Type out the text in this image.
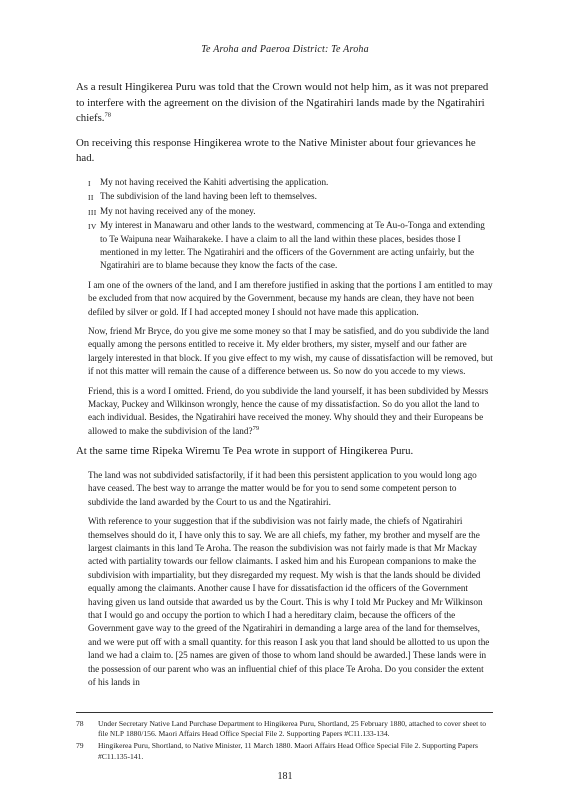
Te Aroha and Paeroa District: Te Aroha

As a result Hingikerea Puru was told that the Crown would not help him, as it was not prepared to interfere with the agreement on the division of the Ngatirahiri lands made by the Ngatirahiri chiefs.$^{78}$

On receiving this response Hingikerea wrote to the Native Minister about four grievances he had.

I My not having received the Kahiti advertising the application.
II The subdivision of the land having been left to themselves.
III My not having received any of the money.
IV My interest in Manawaru and other lands to the westward, commencing at Te Au-o-Tonga and extending to Te Waipuna near Waiharakeke. I have a claim to all the land within these places, besides those I mentioned in my letter. The Ngatirahiri and the officers of the Government are acting unfairly, but the Ngatirahiri are to blame because they know the facts of the case.

I am one of the owners of the land, and I am therefore justified in asking that the portions I am entitled to may be excluded from that now acquired by the Government, because my hands are clean, they have not been defiled by silver or gold. If I had accepted money I should not have made this application.

Now, friend Mr Bryce, do you give me some money so that I may be satisfied, and do you subdivide the land equally among the persons entitled to receive it. My elder brothers, my sister, myself and our father are largely interested in that block. If you give effect to my wish, my cause of dissatisfaction will be removed, but if not this matter will remain the cause of a difference between us. So now do you accede to my views.

Friend, this is a word I omitted. Friend, do you subdivide the land yourself, it has been subdivided by Messrs Mackay, Puckey and Wilkinson wrongly, hence the cause of my dissatisfaction. So do you allot the land to each individual. Besides, the Ngatirahiri have received the money. Why should they and their Europeans be allowed to make the subdivision of the land?$^{79}$

At the same time Ripeka Wiremu Te Pea wrote in support of Hingikerea Puru.

The land was not subdivided satisfactorily, if it had been this persistent application to you would long ago have ceased. The best way to arrange the matter would be for you to send some competent person to subdivide the land awarded by the Court to us and the Ngatirahiri.

With reference to your suggestion that if the subdivision was not fairly made, the chiefs of Ngatirahiri themselves should do it, I have only this to say. We are all chiefs, my father, my brother and myself are the largest claimants in this land Te Aroha. The reason the subdivision was not fairly made is that Mr Mackay acted with partiality towards our fellow claimants. I asked him and his European companions to make the subdivision with impartiality, but they disregarded my request. My wish is that the lands should be divided equally among the claimants. Another cause I have for dissatisfaction id the officers of the Government having given us land outside that awarded us by the Court. This is why I told Mr Puckey and Mr Wilkinson that I would go and occupy the portion to which I had a hereditary claim, because the officers of the Government gave way to the greed of the Ngatirahiri in demanding a large area of the land for themselves, and we were put off with a small quantity. for this reason I ask you that land should be allotted to us upon the land we had a claim to. [25 names are given of those to whom land should be awarded.] These lands were in the possession of our parent who was an influential chief of this place Te Aroha. Do you consider the extent of his lands in

78	Under Secretary Native Land Purchase Department to Hingikerea Puru, Shortland, 25 February 1880, attached to cover sheet to file NLP 1880/156. Maori Affairs Head Office Special File 2. Supporting Papers #C11.133-134.
79	Hingikerea Puru, Shortland, to Native Minister, 11 March 1880. Maori Affairs Head Office Special File 2. Supporting Papers #C11.135-141.
181
